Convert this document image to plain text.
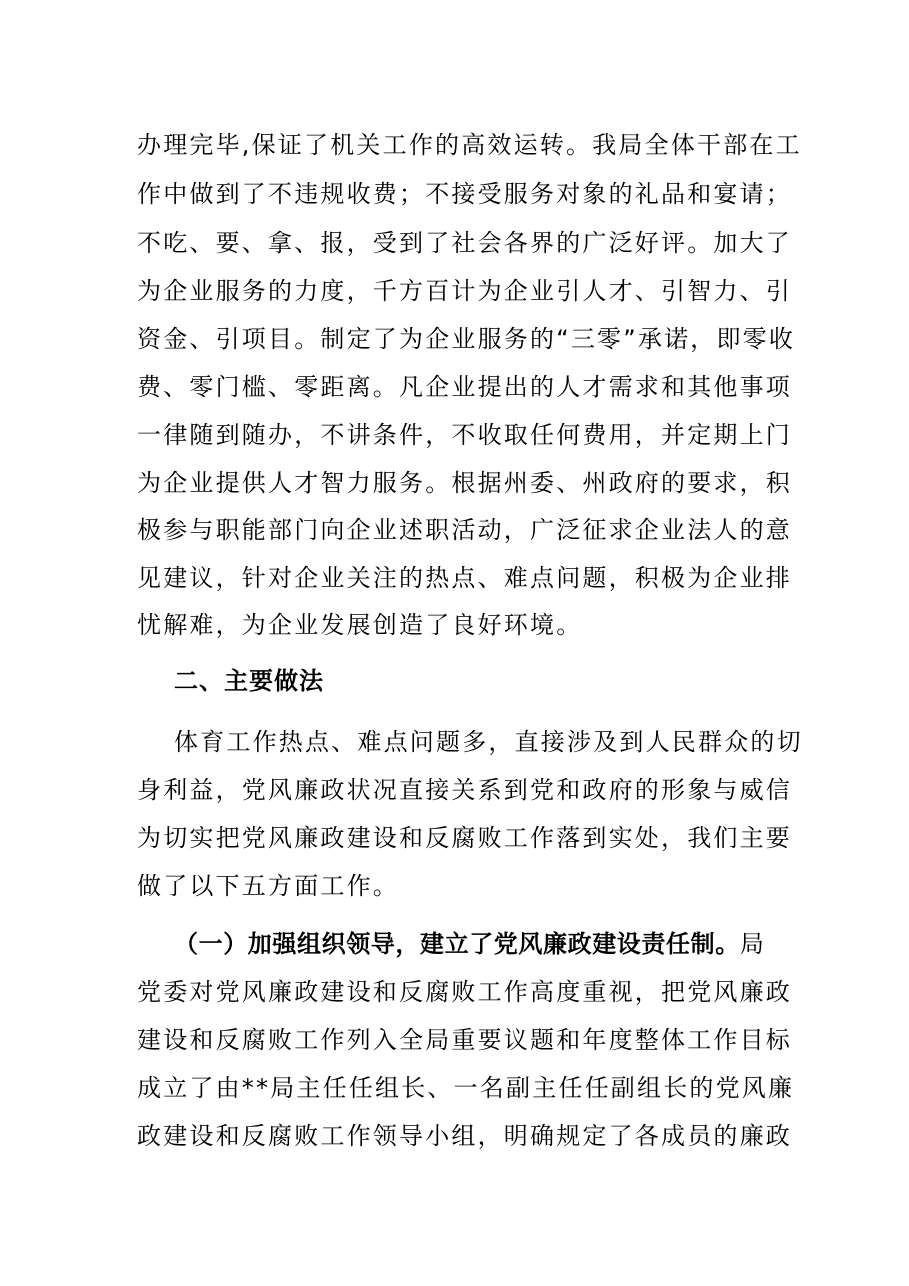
办理完毕,保证了机关工作的高效运转。我局全体干部在工
作中做到了不违规收费；不接受服务对象的礼品和宴请；
不吃、要、拿、报，受到了社会各界的广泛好评。加大了
为企业服务的力度，千方百计为企业引人才、引智力、引
资金、引项目。制定了为企业服务的“三零”承诺，即零收
费、零门槛、零距离。凡企业提出的人才需求和其他事项
一律随到随办，不讲条件，不收取任何费用，并定期上门
为企业提供人才智力服务。根据州委、州政府的要求，积
极参与职能部门向企业述职活动，广泛征求企业法人的意
见建议，针对企业关注的热点、难点问题，积极为企业排
忧解难，为企业发展创造了良好环境。
二、主要做法
体育工作热点、难点问题多，直接涉及到人民群众的切
身利益，党风廉政状况直接关系到党和政府的形象与威信
为切实把党风廉政建设和反腐败工作落到实处，我们主要
做了以下五方面工作。
（一）加强组织领导，建立了党风廉政建设责任制。局
党委对党风廉政建设和反腐败工作高度重视，把党风廉政
建设和反腐败工作列入全局重要议题和年度整体工作目标
成立了由**局主任任组长、一名副主任任副组长的党风廉
政建设和反腐败工作领导小组，明确规定了各成员的廉政
